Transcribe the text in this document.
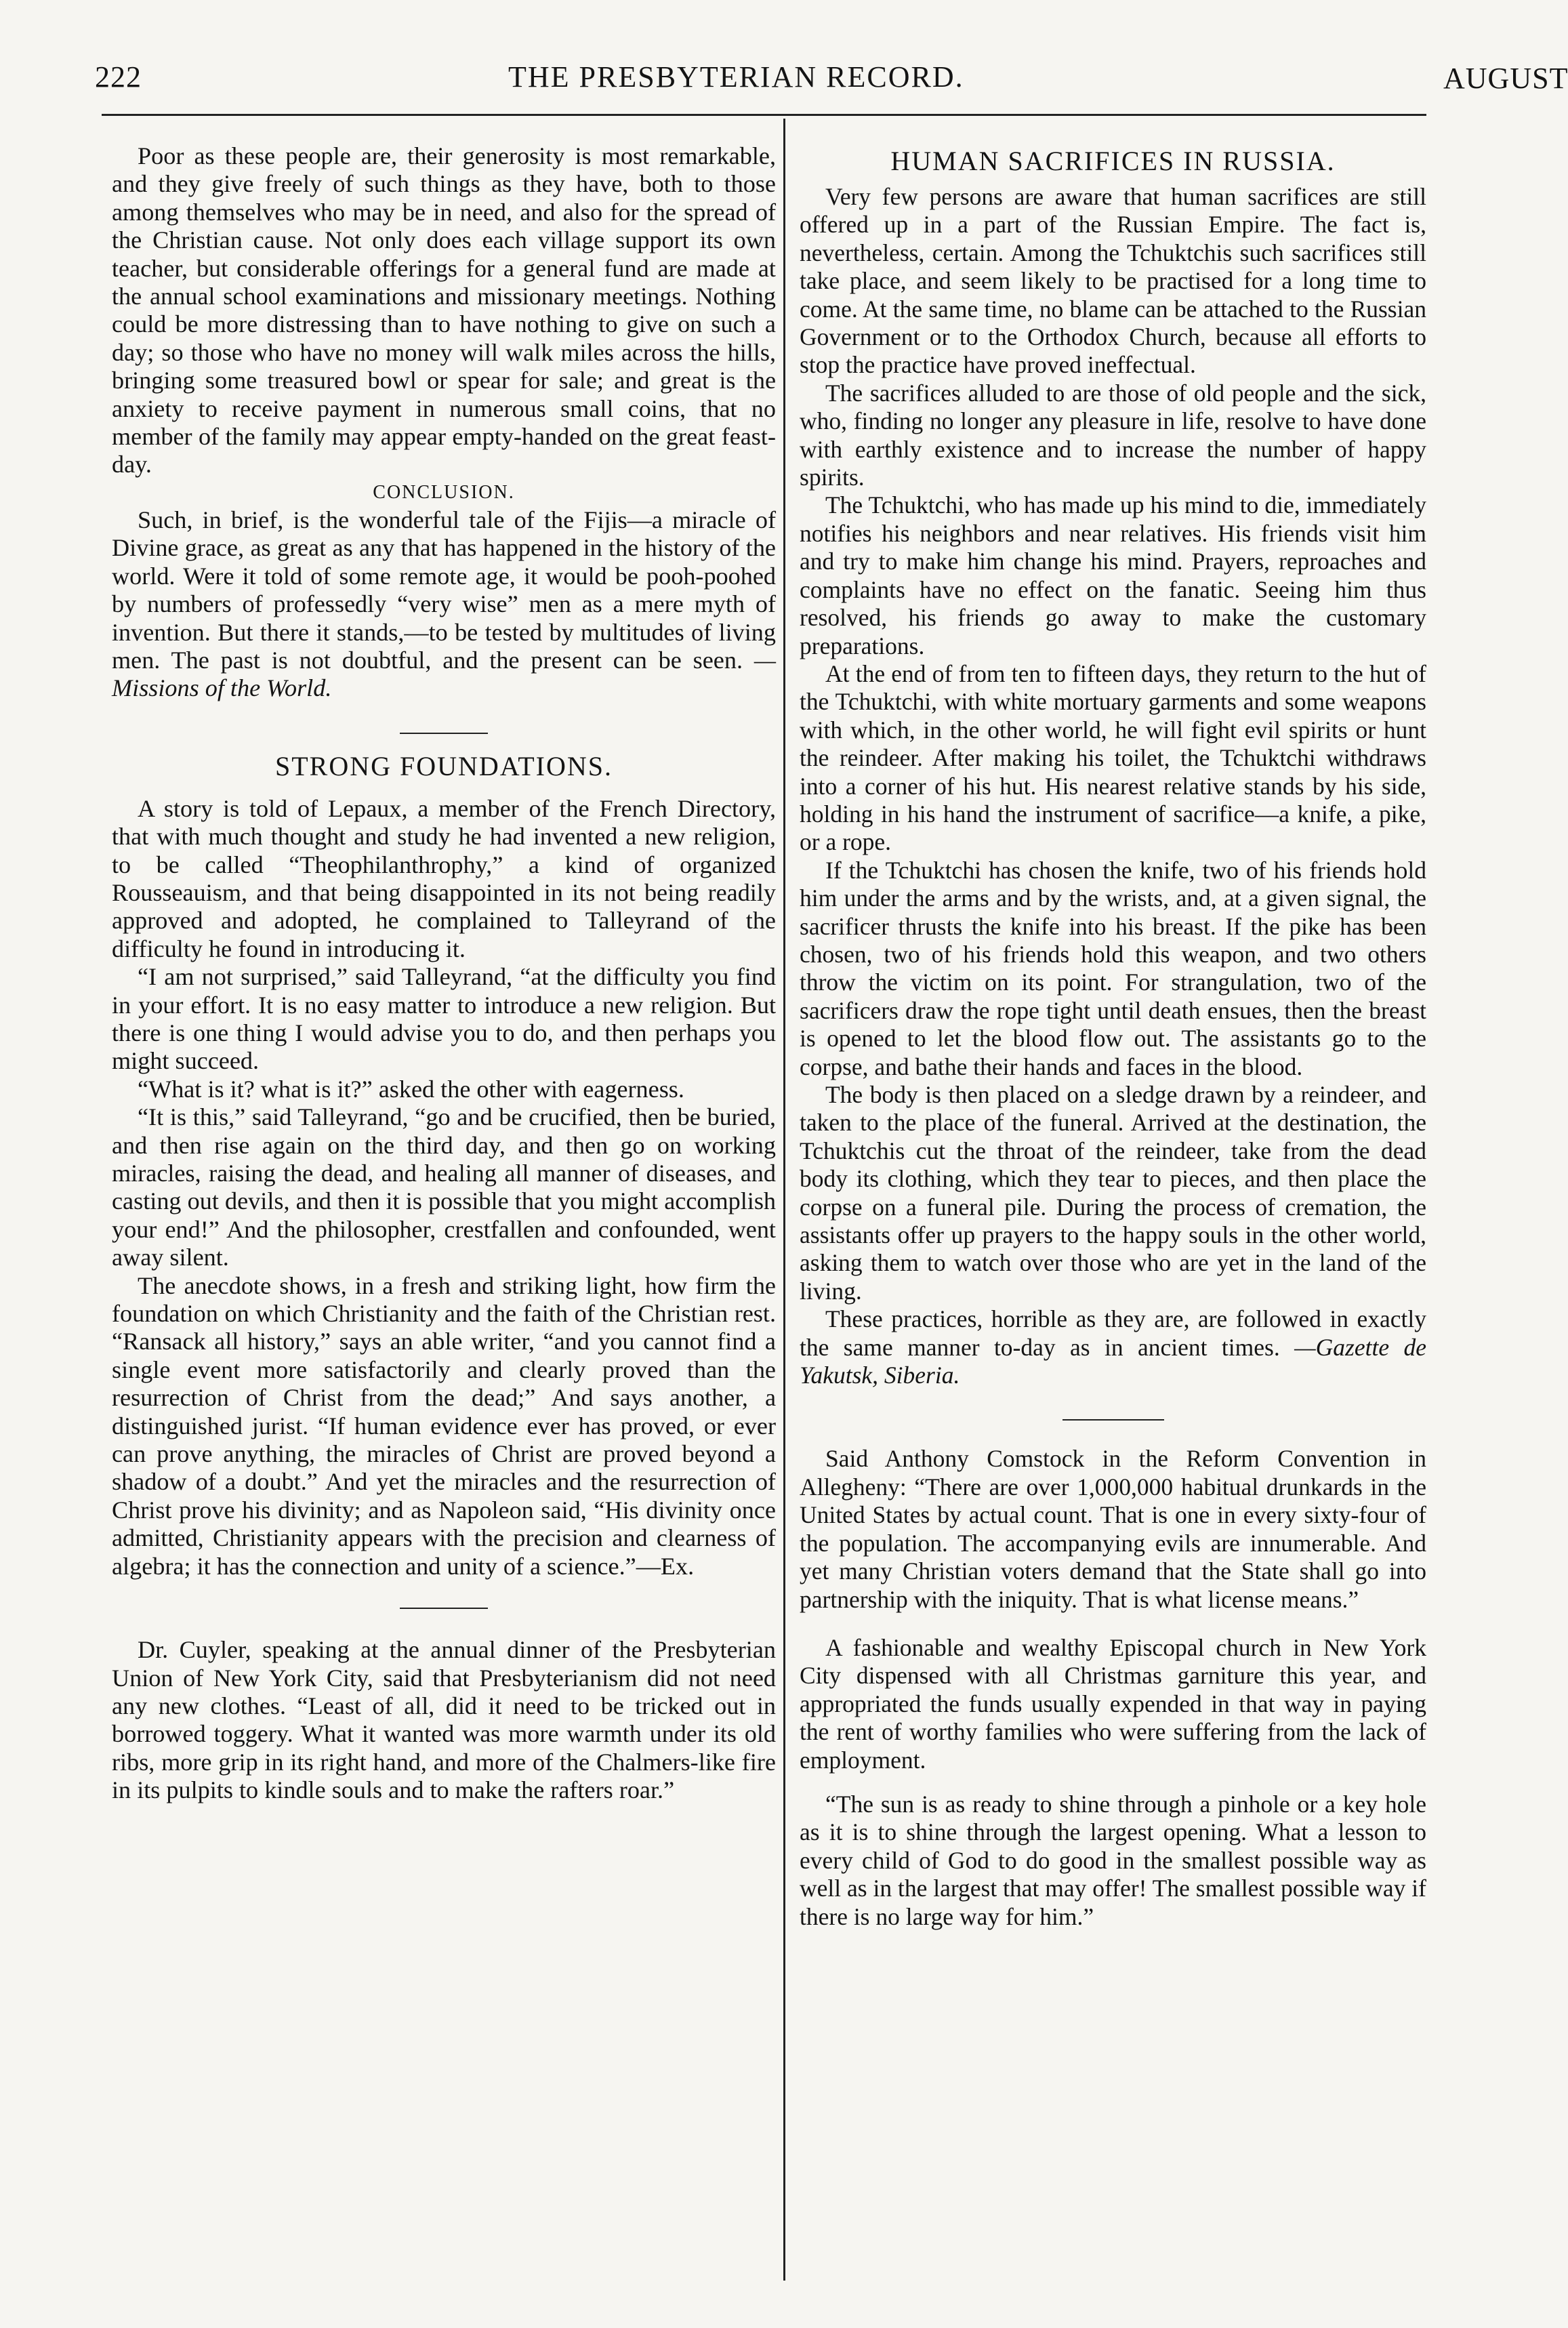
222	THE PRESBYTERIAN RECORD.	AUGUST

Poor as these people are, their generosity is most remarkable, and they give freely of such things as they have, both to those among themselves who may be in need, and also for the spread of the Christian cause. Not only does each village support its own teacher, but considerable offerings for a general fund are made at the annual school examinations and missionary meetings. Nothing could be more distressing than to have nothing to give on such a day; so those who have no money will walk miles across the hills, bringing some treasured bowl or spear for sale; and great is the anxiety to receive payment in numerous small coins, that no member of the family may appear empty-handed on the great feast-day.

CONCLUSION.

Such, in brief, is the wonderful tale of the Fijis—a miracle of Divine grace, as great as any that has happened in the history of the world. Were it told of some remote age, it would be pooh-poohed by numbers of professedly “very wise” men as a mere myth of invention. But there it stands,—to be tested by multitudes of living men. The past is not doubtful, and the present can be seen. —Missions of the World.

STRONG FOUNDATIONS.

A story is told of Lepaux, a member of the French Directory, that with much thought and study he had invented a new religion, to be called “Theophilanthrophy,” a kind of organized Rousseauism, and that being disappointed in its not being readily approved and adopted, he complained to Talleyrand of the difficulty he found in introducing it.

“I am not surprised,” said Talleyrand, “at the difficulty you find in your effort. It is no easy matter to introduce a new religion. But there is one thing I would advise you to do, and then perhaps you might succeed.

“What is it? what is it?” asked the other with eagerness.

“It is this,” said Talleyrand, “go and be crucified, then be buried, and then rise again on the third day, and then go on working miracles, raising the dead, and healing all manner of diseases, and casting out devils, and then it is possible that you might accomplish your end!” And the philosopher, crestfallen and confounded, went away silent.

The anecdote shows, in a fresh and striking light, how firm the foundation on which Christianity and the faith of the Christian rest. “Ransack all history,” says an able writer, “and you cannot find a single event more satisfactorily and clearly proved than the resurrection of Christ from the dead;” And says another, a distinguished jurist. “If human evidence ever has proved, or ever can prove anything, the miracles of Christ are proved beyond a shadow of a doubt.” And yet the miracles and the resurrection of Christ prove his divinity; and as Napoleon said, “His divinity once admitted, Christianity appears with the precision and clearness of algebra; it has the connection and unity of a science.”—Ex.

Dr. Cuyler, speaking at the annual dinner of the Presbyterian Union of New York City, said that Presbyterianism did not need any new clothes. “Least of all, did it need to be tricked out in borrowed toggery. What it wanted was more warmth under its old ribs, more grip in its right hand, and more of the Chalmers-like fire in its pulpits to kindle souls and to make the rafters roar.”

HUMAN SACRIFICES IN RUSSIA.

Very few persons are aware that human sacrifices are still offered up in a part of the Russian Empire. The fact is, nevertheless, certain. Among the Tchuktchis such sacrifices still take place, and seem likely to be practised for a long time to come. At the same time, no blame can be attached to the Russian Government or to the Orthodox Church, because all efforts to stop the practice have proved ineffectual.

The sacrifices alluded to are those of old people and the sick, who, finding no longer any pleasure in life, resolve to have done with earthly existence and to increase the number of happy spirits.

The Tchuktchi, who has made up his mind to die, immediately notifies his neighbors and near relatives. His friends visit him and try to make him change his mind. Prayers, reproaches and complaints have no effect on the fanatic. Seeing him thus resolved, his friends go away to make the customary preparations.

At the end of from ten to fifteen days, they return to the hut of the Tchuktchi, with white mortuary garments and some weapons with which, in the other world, he will fight evil spirits or hunt the reindeer. After making his toilet, the Tchuktchi withdraws into a corner of his hut. His nearest relative stands by his side, holding in his hand the instrument of sacrifice—a knife, a pike, or a rope.

If the Tchuktchi has chosen the knife, two of his friends hold him under the arms and by the wrists, and, at a given signal, the sacrificer thrusts the knife into his breast. If the pike has been chosen, two of his friends hold this weapon, and two others throw the victim on its point. For strangulation, two of the sacrificers draw the rope tight until death ensues, then the breast is opened to let the blood flow out. The assistants go to the corpse, and bathe their hands and faces in the blood.

The body is then placed on a sledge drawn by a reindeer, and taken to the place of the funeral. Arrived at the destination, the Tchuktchis cut the throat of the reindeer, take from the dead body its clothing, which they tear to pieces, and then place the corpse on a funeral pile. During the process of cremation, the assistants offer up prayers to the happy souls in the other world, asking them to watch over those who are yet in the land of the living.

These practices, horrible as they are, are followed in exactly the same manner to-day as in ancient times. —Gazette de Yakutsk, Siberia.

Said Anthony Comstock in the Reform Convention in Allegheny: “There are over 1,000,000 habitual drunkards in the United States by actual count. That is one in every sixty-four of the population. The accompanying evils are innumerable. And yet many Christian voters demand that the State shall go into partnership with the iniquity. That is what license means.”

A fashionable and wealthy Episcopal church in New York City dispensed with all Christmas garniture this year, and appropriated the funds usually expended in that way in paying the rent of worthy families who were suffering from the lack of employment.

“The sun is as ready to shine through a pinhole or a key hole as it is to shine through the largest opening. What a lesson to every child of God to do good in the smallest possible way as well as in the largest that may offer! The smallest possible way if there is no large way for him.”
